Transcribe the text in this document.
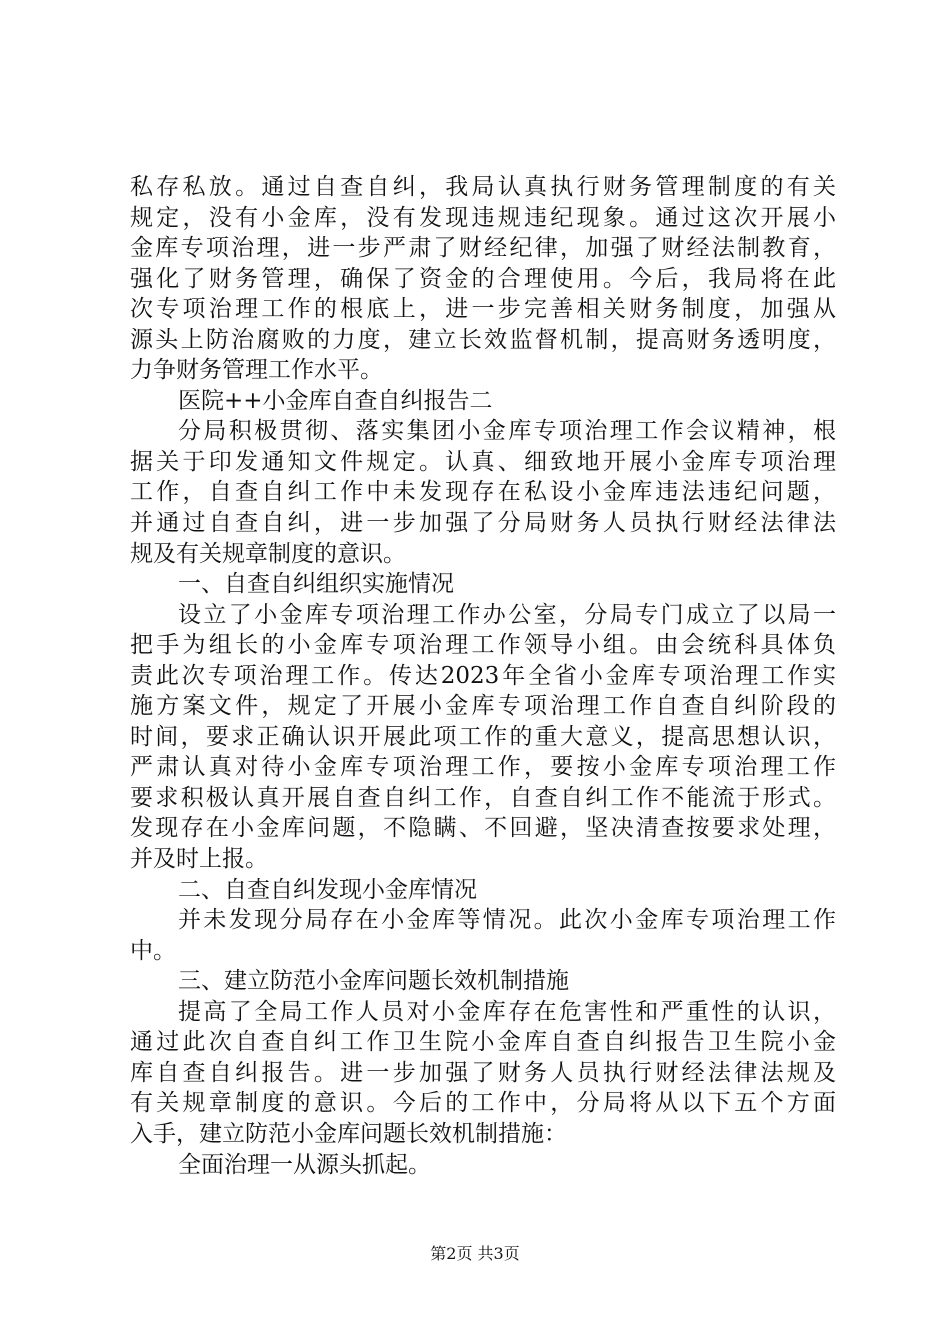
私存私放。通过自查自纠，我局认真执行财务管理制度的有关
规定，没有小金库，没有发现违规违纪现象。通过这次开展小
金库专项治理，进一步严肃了财经纪律，加强了财经法制教育，
强化了财务管理，确保了资金的合理使用。今后，我局将在此
次专项治理工作的根底上，进一步完善相关财务制度，加强从
源头上防治腐败的力度，建立长效监督机制，提高财务透明度，
力争财务管理工作水平。
医院++小金库自查自纠报告二
分局积极贯彻、落实集团小金库专项治理工作会议精神，根
据关于印发通知文件规定。认真、细致地开展小金库专项治理
工作，自查自纠工作中未发现存在私设小金库违法违纪问题，
并通过自查自纠，进一步加强了分局财务人员执行财经法律法
规及有关规章制度的意识。
一、自查自纠组织实施情况
设立了小金库专项治理工作办公室，分局专门成立了以局一
把手为组长的小金库专项治理工作领导小组。由会统科具体负
责此次专项治理工作。传达2023年全省小金库专项治理工作实
施方案文件，规定了开展小金库专项治理工作自查自纠阶段的
时间，要求正确认识开展此项工作的重大意义，提高思想认识，
严肃认真对待小金库专项治理工作，要按小金库专项治理工作
要求积极认真开展自查自纠工作，自查自纠工作不能流于形式。
发现存在小金库问题，不隐瞒、不回避，坚决清查按要求处理，
并及时上报。
二、自查自纠发现小金库情况
并未发现分局存在小金库等情况。此次小金库专项治理工作
中。
三、建立防范小金库问题长效机制措施
提高了全局工作人员对小金库存在危害性和严重性的认识，
通过此次自查自纠工作卫生院小金库自查自纠报告卫生院小金
库自查自纠报告。进一步加强了财务人员执行财经法律法规及
有关规章制度的意识。今后的工作中，分局将从以下五个方面
入手，建立防范小金库问题长效机制措施：
全面治理一从源头抓起。
第2页 共3页
